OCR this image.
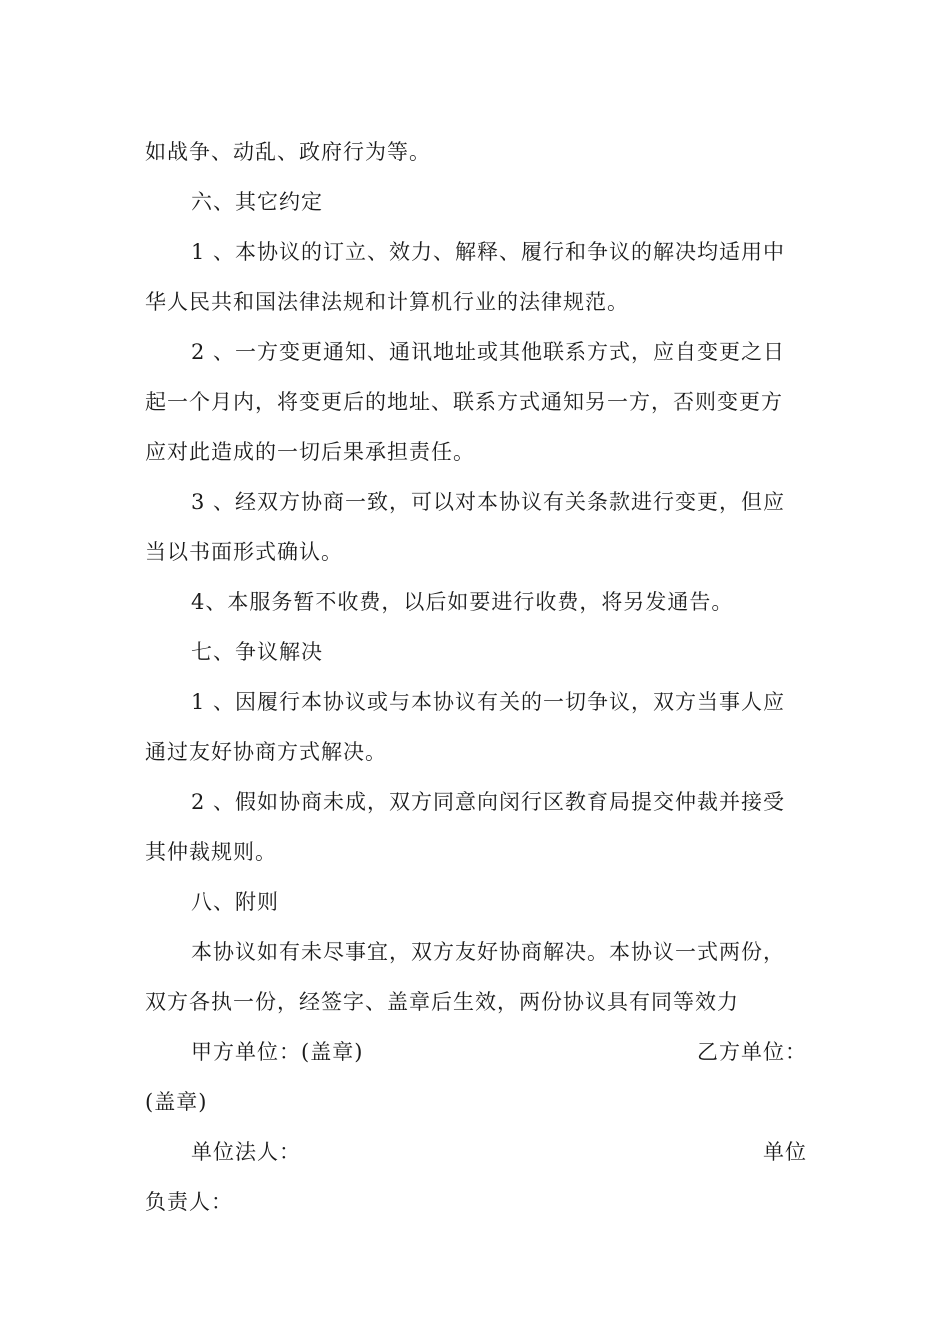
如战争、动乱、政府行为等。
六、其它约定
1 、本协议的订立、效力、解释、履行和争议的解决均适用中
华人民共和国法律法规和计算机行业的法律规范。
2 、一方变更通知、通讯地址或其他联系方式，应自变更之日
起一个月内，将变更后的地址、联系方式通知另一方，否则变更方
应对此造成的一切后果承担责任。
3 、经双方协商一致，可以对本协议有关条款进行变更，但应
当以书面形式确认。
4、本服务暂不收费，以后如要进行收费，将另发通告。
七、争议解决
1 、因履行本协议或与本协议有关的一切争议，双方当事人应
通过友好协商方式解决。
2 、假如协商未成，双方同意向闵行区教育局提交仲裁并接受
其仲裁规则。
八、附则
本协议如有未尽事宜，双方友好协商解决。本协议一式两份，
双方各执一份，经签字、盖章后生效，两份协议具有同等效力
甲方单位：(盖章)	乙方单位：
(盖章)
单位法人：	单位
负责人：
